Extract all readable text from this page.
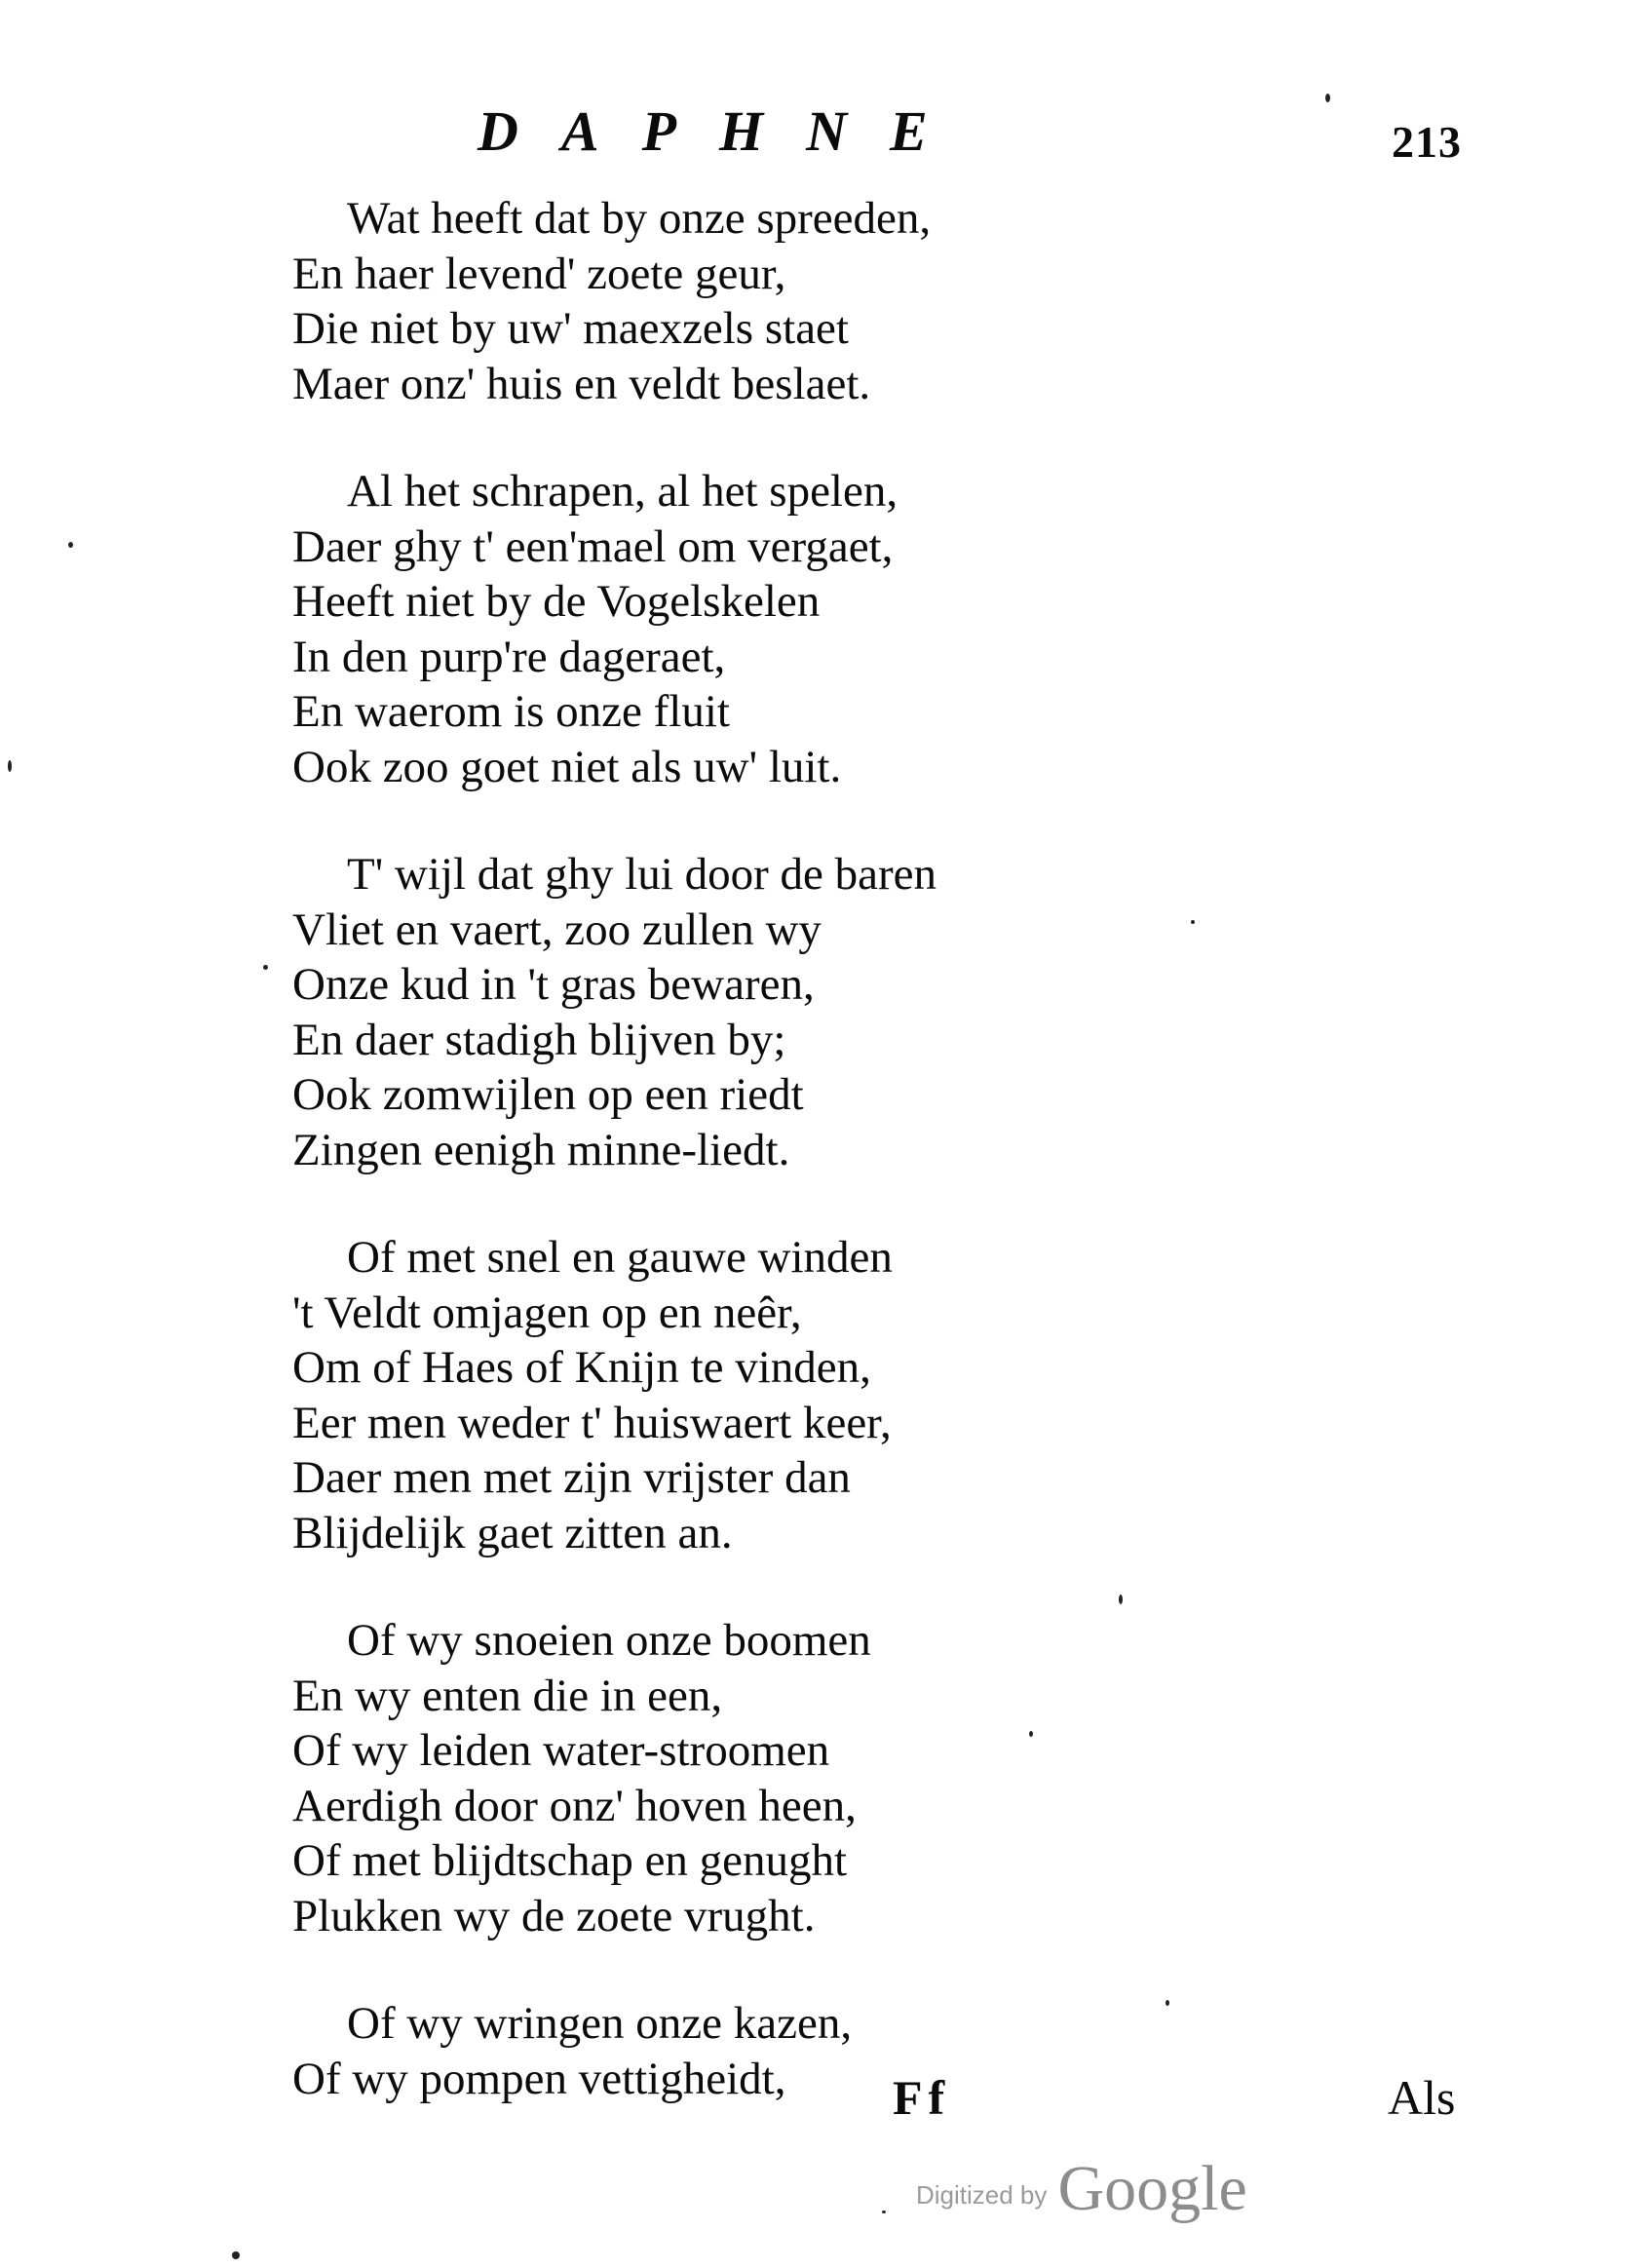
DAPHNE	213
Wat heeft dat by onze spreeden,
En haer levend' zoete geur,
Die niet by uw' maexzels staet
Maer onz' huis en veldt beslaet.
Al het schrapen, al het spelen,
Daer ghy t' een'mael om vergaet,
Heeft niet by de Vogelskelen
In den purp're dageraet,
En waerom is onze fluit
Ook zoo goet niet als uw' luit.
T' wijl dat ghy lui door de baren
Vliet en vaert, zoo zullen wy
Onze kud in 't gras bewaren,
En daer stadigh blijven by;
Ook zomwijlen op een riedt
Zingen eenigh minne-liedt.
Of met snel en gauwe winden
't Veldt omjagen op en neêr,
Om of Haes of Knijn te vinden,
Eer men weder t' huiswaert keer,
Daer men met zijn vrijster dan
Blijdelijk gaet zitten an.
Of wy snoeien onze boomen
En wy enten die in een,
Of wy leiden water-stroomen
Aerdigh door onz' hoven heen,
Of met blijdtschap en genught
Plukken wy de zoete vrught.
Of wy wringen onze kazen,
Of wy pompen vettigheidt,	Ff	Als
Digitized by Google
